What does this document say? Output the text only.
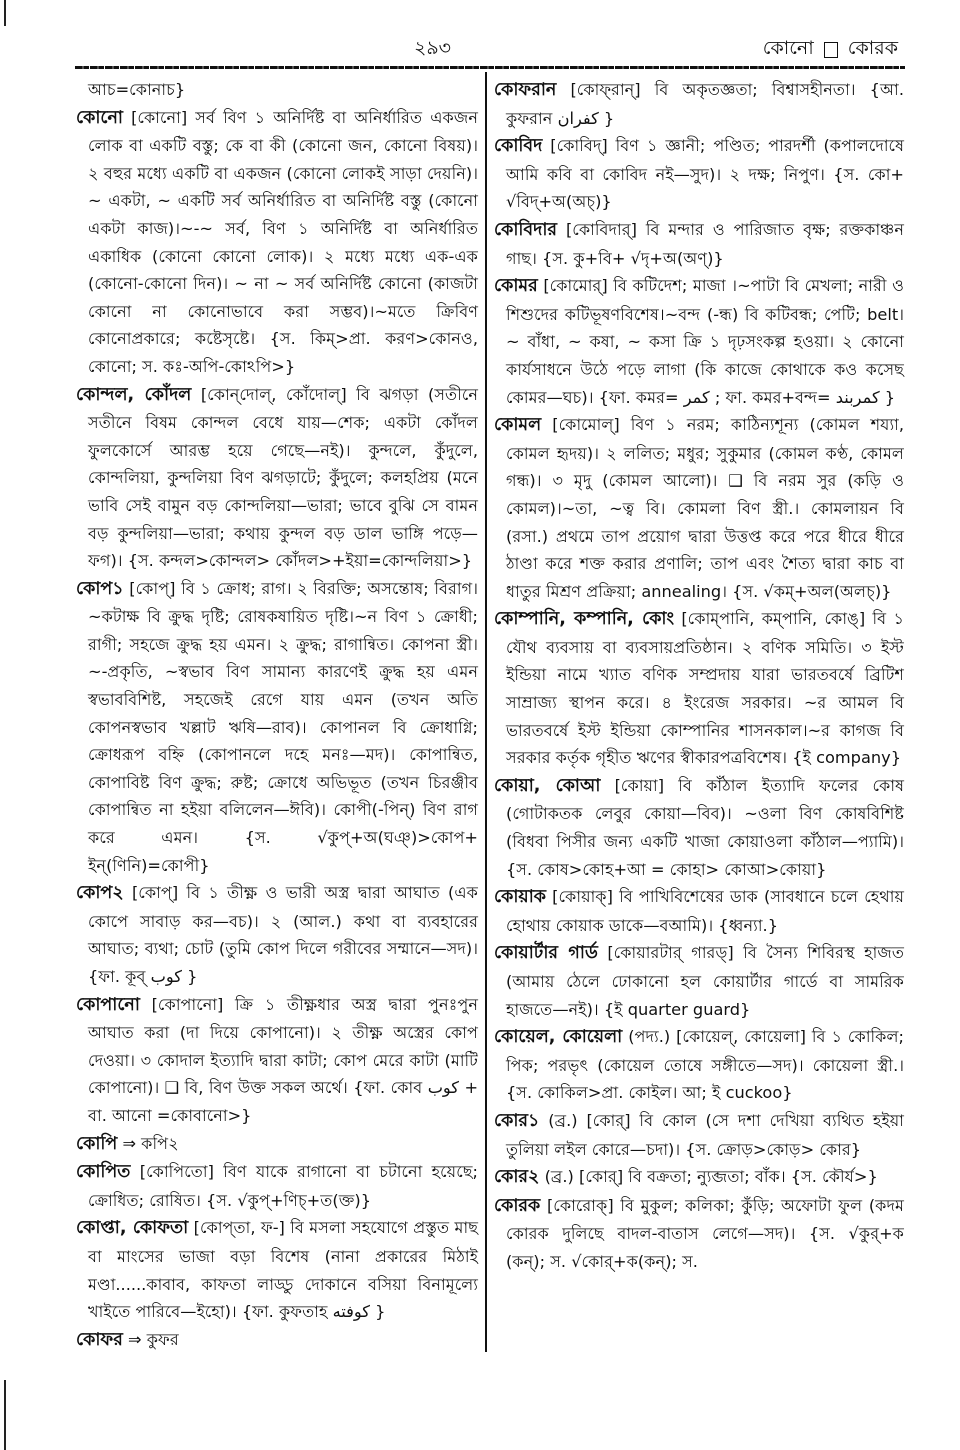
২৯৩	কোনো কোরক

আচ=কোনাচ}

কোনো [কোনো] সর্ব বিণ ১ অনির্দিষ্ট বা অনির্ধারিত একজন লোক বা একটি বস্তু; কে বা কী (কোনো জন, কোনো বিষয়)। ২ বহুর মধ্যে একটি বা একজন (কোনো লোকই সাড়া দেয়নি)।~ একটা, ~ একটি সর্ব অনির্ধারিত বা অনির্দিষ্ট বস্তু (কোনো একটা কাজ)।~-~ সর্ব, বিণ ১ অনির্দিষ্ট বা অনির্ধারিত একাধিক (কোনো কোনো লোক)। ২ মধ্যে মধ্যে এক-এক (কোনো-কোনো দিন)। ~ না ~ সর্ব অনির্দিষ্ট কোনো (কাজটা কোনো না কোনোভাবে করা সম্ভব)।~মতে ক্রিবিণ কোনোপ্রকারে; কষ্টেসৃষ্টে। {স. কিম্>প্রা. করণ>কোনও, কোনো; স. কঃ-অপি-কোঽপি>}

কোন্দল, কোঁদল [কোন্‌দোল্, কোঁদোল্] বি ঝগড়া (সতীনে সতীনে বিষম কোন্দল বেধে যায়—শেক; একটা কোঁদল ফুলকোর্সে আরম্ভ হয়ে গেছে—নই)। কুন্দলে, কুঁদুলে, কোন্দলিয়া, কুন্দলিয়া বিণ ঝগড়াটে; কুঁদুলে; কলহপ্রিয় (মনে ভাবি সেই বামুন বড় কোন্দলিয়া—ভারা; ভাবে বুঝি সে বামন বড় কুন্দলিয়া—ভারা; কথায় কুন্দল বড় ডাল ভাঙ্গি পড়ে—ফগ)। {স. কন্দল>কোন্দল> কোঁদল>+ইয়া=কোন্দলিয়া>}

কোপ১ [কোপ্] বি ১ ক্রোধ; রাগ। ২ বিরক্তি; অসন্তোষ; বিরাগ।~কটাক্ষ বি ক্রুদ্ধ দৃষ্টি; রোষকষায়িত দৃষ্টি।~ন বিণ ১ ক্রোধী; রাগী; সহজে ক্রুদ্ধ হয় এমন। ২ ক্রুদ্ধ; রাগান্বিত। কোপনা স্ত্রী। ~-প্রকৃতি, ~স্বভাব বিণ সামান্য কারণেই ক্রুদ্ধ হয় এমন স্বভাববিশিষ্ট, সহজেই রেগে যায় এমন (তখন অতি কোপনস্বভাব খল্লাট ঋষি—রাব)। কোপানল বি ক্রোধাগ্নি; ক্রোধরূপ বহ্নি (কোপানলে দহে মনঃ—মদ)। কোপান্বিত, কোপাবিষ্ট বিণ ক্রুদ্ধ; রুষ্ট; ক্রোধে অভিভূত (তখন চিরঞ্জীব কোপান্বিত না হইয়া বলিলেন—ঈবি)। কোপী(-পিন্) বিণ রাগ করে এমন। {স. √কুপ্+অ(ঘঞ্)>কোপ+ ইন্(ণিনি)=কোপী}

কোপ২ [কোপ্] বি ১ তীক্ষ্ণ ও ভারী অস্ত্র দ্বারা আঘাত (এক কোপে সাবাড় কর—বচ)। ২ (আল.) কথা বা ব্যবহারের আঘাত; ব্যথা; চোট (তুমি কোপ দিলে গরীবের সম্মানে—সদ)। {ফা. কূব্ کوب }

কোপানো [কোপানো] ক্রি ১ তীক্ষ্ণধার অস্ত্র দ্বারা পুনঃপুন আঘাত করা (দা দিয়ে কোপানো)। ২ তীক্ষ্ণ অস্ত্রের কোপ দেওয়া। ৩ কোদাল ইত্যাদি দ্বারা কাটা; কোপ মেরে কাটা (মাটি কোপানো)। ❑ বি, বিণ উক্ত সকল অর্থে। {ফা. কোব کوب + বা. আনো =কোবানো>}

কোপি ⇒ কপি২

কোপিত [কোপিতো] বিণ যাকে রাগানো বা চটানো হয়েছে; ক্রোধিত; রোষিত। {স. √কুপ্+ণিচ্+ত(ক্ত)}

কোপ্তা, কোফতা [কোপ্‌তা, ফ-] বি মসলা সহযোগে প্রস্তুত মাছ বা মাংসের ভাজা বড়া বিশেষ (নানা প্রকারের মিঠাই মণ্ডা......কাবাব, কাফতা লাড্ডু দোকানে বসিয়া বিনামূল্যে খাইতে পারিবে—ইহো)। {ফা. কুফতাহ کوفته }

কোফর ⇒ কুফর

কোফরান [কোফ্‌রান্] বি অকৃতজ্ঞতা; বিশ্বাসহীনতা। {আ. কুফরান كفران }

কোবিদ [কোবিদ্] বিণ ১ জ্ঞানী; পণ্ডিত; পারদর্শী (কপালদোষে আমি কবি বা কোবিদ নই—সুদ)। ২ দক্ষ; নিপুণ। {স. কো+ √বিদ্+অ(অচ্)}

কোবিদার [কোবিদার্] বি মন্দার ও পারিজাত বৃক্ষ; রক্তকাঞ্চন গাছ। {স. কু+বি+ √দৃ+অ(অণ্)}

কোমর [কোমোর্] বি কটিদেশ; মাজা ।~পাটা বি মেখলা; নারী ও শিশুদের কটিভূষণবিশেষ।~বন্দ (-ন্ধ) বি কটিবন্ধ; পেটি; belt। ~ বাঁধা, ~ কষা, ~ কসা ক্রি ১ দৃঢ়সংকল্প হওয়া। ২ কোনো কার্যসাধনে উঠে পড়ে লাগা (কি কাজে কোথাকে কও কসেছ কোমর—ঘচ)। {ফা. কমর= کمر ; ফা. কমর+বন্দ= کمربند }

কোমল [কোমোল্] বিণ ১ নরম; কাঠিন্যশূন্য (কোমল শয্যা, কোমল হৃদয়)। ২ ললিত; মধুর; সুকুমার (কোমল কণ্ঠ, কোমল গন্ধ)। ৩ মৃদু (কোমল আলো)। ❑ বি নরম সুর (কড়ি ও কোমল)।~তা, ~ত্ব বি। কোমলা বিণ স্ত্রী.। কোমলায়ন বি (রসা.) প্রথমে তাপ প্রয়োগ দ্বারা উত্তপ্ত করে পরে ধীরে ধীরে ঠাণ্ডা করে শক্ত করার প্রণালি; তাপ এবং শৈত্য দ্বারা কাচ বা ধাতুর মিশ্রণ প্রক্রিয়া; annealing। {স. √কম্+অল(অলচ্)}

কোম্পানি, কম্পানি, কোং [কোম্‌পানি, কম্‌পানি, কোঙ্] বি ১ যৌথ ব্যবসায় বা ব্যবসায়প্রতিষ্ঠান। ২ বণিক সমিতি। ৩ ইস্ট ইন্ডিয়া নামে খ্যাত বণিক সম্প্রদায় যারা ভারতবর্ষে ব্রিটিশ সাম্রাজ্য স্থাপন করে। ৪ ইংরেজ সরকার। ~র আমল বি ভারতবর্ষে ইস্ট ইন্ডিয়া কোম্পানির শাসনকাল।~র কাগজ বি সরকার কর্তৃক গৃহীত ঋণের স্বীকারপত্রবিশেষ। {ই company}

কোয়া, কোআ [কোয়া] বি কাঁঠাল ইত্যাদি ফলের কোষ (গোটাকতক লেবুর কোয়া—বিব)। ~ওলা বিণ কোষবিশিষ্ট (বিধবা পিসীর জন্য একটি খাজা কোয়াওলা কাঁঠাল—প্যামি)। {স. কোষ>কোহ+আ = কোহা> কোআ>কোয়া}

কোয়াক [কোয়াক্] বি পাখিবিশেষের ডাক (সাবধানে চলে হেথায় হোথায় কোয়াক ডাকে—বআমি)। {ধ্বন্যা.}

কোয়ার্টার গার্ড [কোয়ারটার্ গারড্] বি সৈন্য শিবিরস্থ হাজত (আমায় ঠেলে ঢোকানো হল কোয়ার্টার গার্ডে বা সামরিক হাজতে—নই)। {ই quarter guard}

কোয়েল, কোয়েলা (পদ্য.) [কোয়েল্, কোয়েলা] বি ১ কোকিল; পিক; পরভৃৎ (কোয়েল তোষে সঙ্গীতে—সদ)। কোয়েলা স্ত্রী.। {স. কোকিল>প্রা. কোইল। আ; ই cuckoo}

কোর১ (ব্র.) [কোর্] বি কোল (সে দশা দেখিয়া ব্যথিত হইয়া তুলিয়া লইল কোরে—চদা)। {স. ক্রোড়>কোড়> কোর}

কোর২ (ব্র.) [কোর্] বি বক্রতা; ন্যুব্জতা; বাঁক। {স. কৌর্য>}

কোরক [কোরোক্] বি মুকুল; কলিকা; কুঁড়ি; অফোটা ফুল (কদম কোরক দুলিছে বাদল-বাতাস লেগে—সদ)। {স. √কুর্+ক (কন্); স. √কোর্+ক(কন্); স.
